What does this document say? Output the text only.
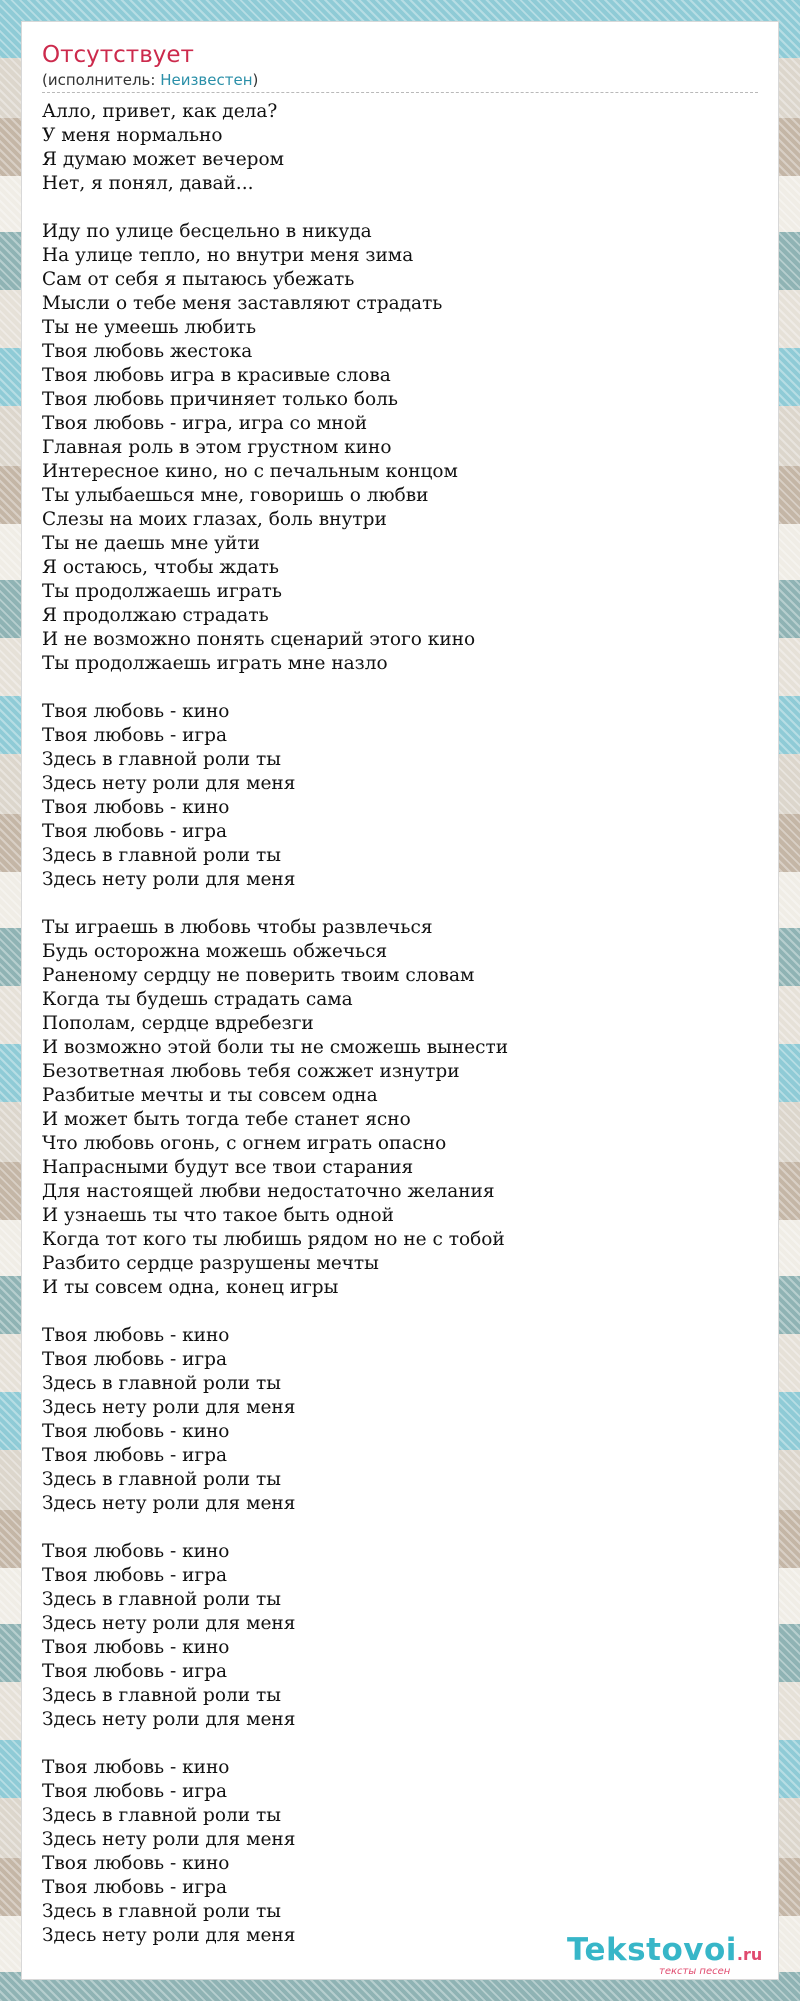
Отсутствует
(исполнитель: Неизвестен)
Алло, привет, как дела?
У меня нормально
Я думаю может вечером
Нет, я понял, давай...
Иду по улице бесцельно в никуда
На улице тепло, но внутри меня зима
Сам от себя я пытаюсь убежать
Мысли о тебе меня заставляют страдать
Ты не умеешь любить
Твоя любовь жестока
Твоя любовь игра в красивые слова
Твоя любовь причиняет только боль
Твоя любовь - игра, игра со мной
Главная роль в этом грустном кино
Интересное кино, но с печальным концом
Ты улыбаешься мне, говоришь о любви
Слезы на моих глазах, боль внутри
Ты не даешь мне уйти
Я остаюсь, чтобы ждать
Ты продолжаешь играть
Я продолжаю страдать
И не возможно понять сценарий этого кино
Ты продолжаешь играть мне назло
Твоя любовь - кино
Твоя любовь - игра
Здесь в главной роли ты
Здесь нету роли для меня
Твоя любовь - кино
Твоя любовь - игра
Здесь в главной роли ты
Здесь нету роли для меня
Ты играешь в любовь чтобы развлечься
Будь осторожна можешь обжечься
Раненому сердцу не поверить твоим словам
Когда ты будешь страдать сама
Пополам, сердце вдребезги
И возможно этой боли ты не сможешь вынести
Безответная любовь тебя сожжет изнутри
Разбитые мечты и ты совсем одна
И может быть тогда тебе станет ясно
Что любовь огонь, с огнем играть опасно
Напрасными будут все твои старания
Для настоящей любви недостаточно желания
И узнаешь ты что такое быть одной
Когда тот кого ты любишь рядом но не с тобой
Разбито сердце разрушены мечты
И ты совсем одна, конец игры
Твоя любовь - кино
Твоя любовь - игра
Здесь в главной роли ты
Здесь нету роли для меня
Твоя любовь - кино
Твоя любовь - игра
Здесь в главной роли ты
Здесь нету роли для меня
Твоя любовь - кино
Твоя любовь - игра
Здесь в главной роли ты
Здесь нету роли для меня
Твоя любовь - кино
Твоя любовь - игра
Здесь в главной роли ты
Здесь нету роли для меня
Твоя любовь - кино
Твоя любовь - игра
Здесь в главной роли ты
Здесь нету роли для меня
Твоя любовь - кино
Твоя любовь - игра
Здесь в главной роли ты
Здесь нету роли для меня	Tekstovoi.ru
тексты песен
